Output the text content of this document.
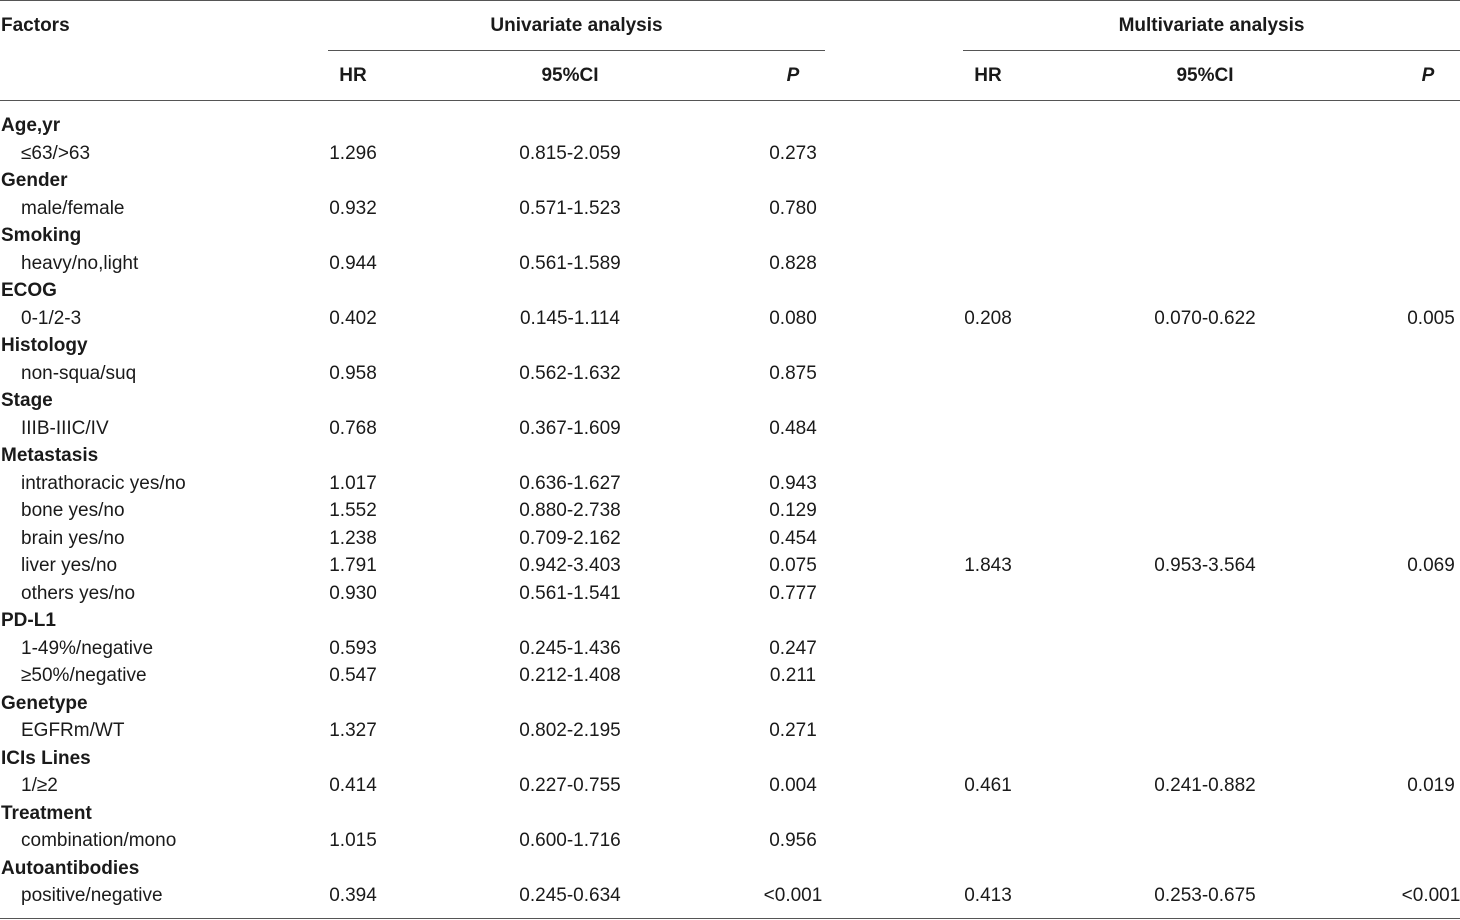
Factors	Univariate analysis	Multivariate analysis
HR	95%CI	P	HR	95%CI	P
Age,yr
≤63/>63	1.296	0.815-2.059	0.273
Gender
male/female	0.932	0.571-1.523	0.780
Smoking
heavy/no,light	0.944	0.561-1.589	0.828
ECOG
0-1/2-3	0.402	0.145-1.114	0.080	0.208	0.070-0.622	0.005
Histology
non-squa/suq	0.958	0.562-1.632	0.875
Stage
IIIB-IIIC/IV	0.768	0.367-1.609	0.484
Metastasis
intrathoracic yes/no	1.017	0.636-1.627	0.943
bone yes/no	1.552	0.880-2.738	0.129
brain yes/no	1.238	0.709-2.162	0.454
liver yes/no	1.791	0.942-3.403	0.075	1.843	0.953-3.564	0.069
others yes/no	0.930	0.561-1.541	0.777
PD-L1
1-49%/negative	0.593	0.245-1.436	0.247
≥50%/negative	0.547	0.212-1.408	0.211
Genetype
EGFRm/WT	1.327	0.802-2.195	0.271
ICIs Lines
1/≥2	0.414	0.227-0.755	0.004	0.461	0.241-0.882	0.019
Treatment
combination/mono	1.015	0.600-1.716	0.956
Autoantibodies
positive/negative	0.394	0.245-0.634	<0.001	0.413	0.253-0.675	<0.001
